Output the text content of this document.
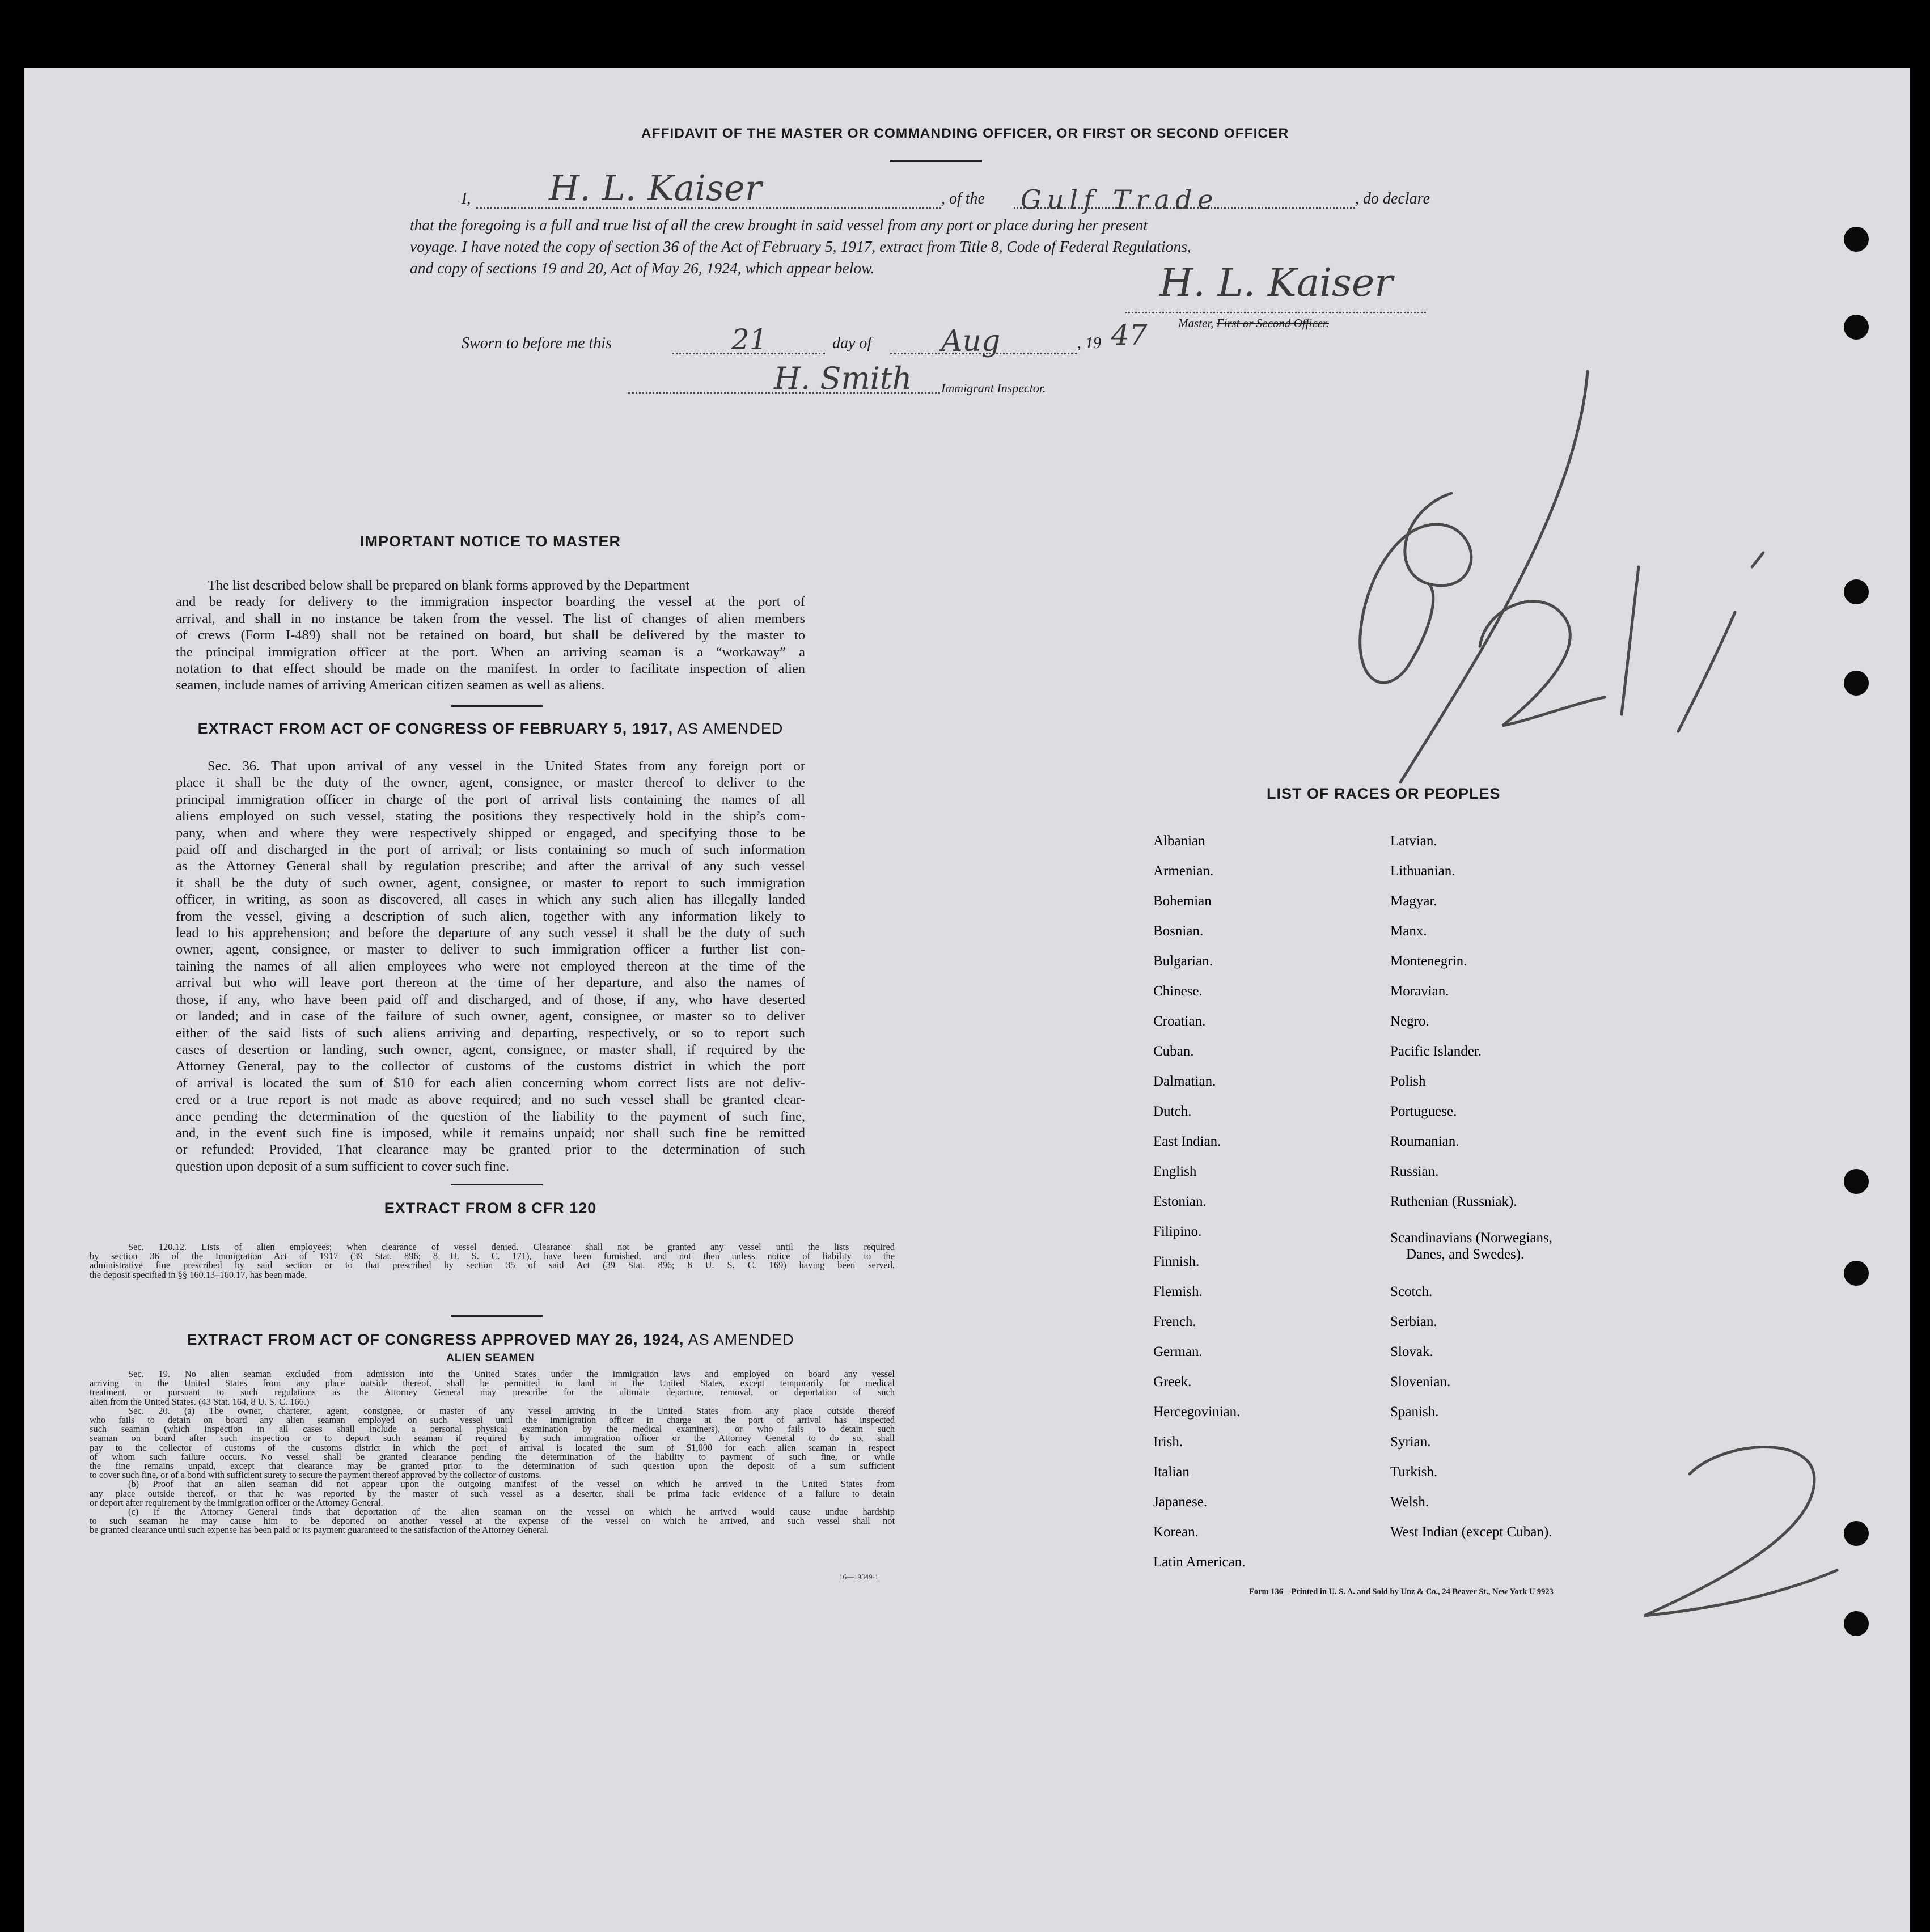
AFFIDAVIT OF THE MASTER OR COMMANDING OFFICER, OR FIRST OR SECOND OFFICER
I, H. L. Kaiser	, of the Gulf Trade	, do declare
that the foregoing is a full and true list of all the crew brought in said vessel from any port or place during her present
voyage. I have noted the copy of section 36 of the Act of February 5, 1917, extract from Title 8, Code of Federal Regulations,
and copy of sections 19 and 20, Act of May 26, 1924, which appear below.	H. L. Kaiser
Master, First or Second Officer.
Sworn to before me this	21	day of Aug	, 19 47
H. Smith Immigrant Inspector.
IMPORTANT NOTICE TO MASTER
The list described below shall be prepared on blank forms approved by the Department
and be ready for delivery to the immigration inspector boarding the vessel at the port of
arrival, and shall in no instance be taken from the vessel. The list of changes of alien members
of crews (Form I-489) shall not be retained on board, but shall be delivered by the master to
the principal immigration officer at the port. When an arriving seaman is a “workaway” a
notation to that effect should be made on the manifest. In order to facilitate inspection of alien
seamen, include names of arriving American citizen seamen as well as aliens.
EXTRACT FROM ACT OF CONGRESS OF FEBRUARY 5, 1917, AS AMENDED
Sec. 36. That upon arrival of any vessel in the United States from any foreign port or
place it shall be the duty of the owner, agent, consignee, or master thereof to deliver to the
principal immigration officer in charge of the port of arrival lists containing the names of all
aliens employed on such vessel, stating the positions they respectively hold in the ship’s com-
pany, when and where they were respectively shipped or engaged, and specifying those to be
paid off and discharged in the port of arrival; or lists containing so much of such information
as the Attorney General shall by regulation prescribe; and after the arrival of any such vessel
it shall be the duty of such owner, agent, consignee, or master to report to such immigration
officer, in writing, as soon as discovered, all cases in which any such alien has illegally landed
from the vessel, giving a description of such alien, together with any information likely to
lead to his apprehension; and before the departure of any such vessel it shall be the duty of such
owner, agent, consignee, or master to deliver to such immigration officer a further list con-
taining the names of all alien employees who were not employed thereon at the time of the
arrival but who will leave port thereon at the time of her departure, and also the names of
those, if any, who have been paid off and discharged, and of those, if any, who have deserted
or landed; and in case of the failure of such owner, agent, consignee, or master so to deliver
either of the said lists of such aliens arriving and departing, respectively, or so to report such
cases of desertion or landing, such owner, agent, consignee, or master shall, if required by the
Attorney General, pay to the collector of customs of the customs district in which the port
of arrival is located the sum of $10 for each alien concerning whom correct lists are not deliv-
ered or a true report is not made as above required; and no such vessel shall be granted clear-
ance pending the determination of the question of the liability to the payment of such fine,
and, in the event such fine is imposed, while it remains unpaid; nor shall such fine be remitted
or refunded: Provided, That clearance may be granted prior to the determination of such
question upon deposit of a sum sufficient to cover such fine.
EXTRACT FROM 8 CFR 120
Sec. 120.12. Lists of alien employees; when clearance of vessel denied. Clearance shall not be granted any vessel until the lists required
by section 36 of the Immigration Act of 1917 (39 Stat. 896; 8 U. S. C. 171), have been furnished, and not then unless notice of liability to the
administrative fine prescribed by said section or to that prescribed by section 35 of said Act (39 Stat. 896; 8 U. S. C. 169) having been served,
the deposit specified in §§ 160.13–160.17, has been made.
EXTRACT FROM ACT OF CONGRESS APPROVED MAY 26, 1924, AS AMENDED
ALIEN SEAMEN
Sec. 19. No alien seaman excluded from admission into the United States under the immigration laws and employed on board any vessel
arriving in the United States from any place outside thereof, shall be permitted to land in the United States, except temporarily for medical
treatment, or pursuant to such regulations as the Attorney General may prescribe for the ultimate departure, removal, or deportation of such
alien from the United States. (43 Stat. 164, 8 U. S. C. 166.)
Sec. 20. (a) The owner, charterer, agent, consignee, or master of any vessel arriving in the United States from any place outside thereof
who fails to detain on board any alien seaman employed on such vessel until the immigration officer in charge at the port of arrival has inspected
such seaman (which inspection in all cases shall include a personal physical examination by the medical examiners), or who fails to detain such
seaman on board after such inspection or to deport such seaman if required by such immigration officer or the Attorney General to do so, shall
pay to the collector of customs of the customs district in which the port of arrival is located the sum of $1,000 for each alien seaman in respect
of whom such failure occurs. No vessel shall be granted clearance pending the determination of the liability to payment of such fine, or while
the fine remains unpaid, except that clearance may be granted prior to the determination of such question upon the deposit of a sum sufficient
to cover such fine, or of a bond with sufficient surety to secure the payment thereof approved by the collector of customs.
(b) Proof that an alien seaman did not appear upon the outgoing manifest of the vessel on which he arrived in the United States from
any place outside thereof, or that he was reported by the master of such vessel as a deserter, shall be prima facie evidence of a failure to detain
or deport after requirement by the immigration officer or the Attorney General.
(c) If the Attorney General finds that deportation of the alien seaman on the vessel on which he arrived would cause undue hardship
to such seaman he may cause him to be deported on another vessel at the expense of the vessel on which he arrived, and such vessel shall not
be granted clearance until such expense has been paid or its payment guaranteed to the satisfaction of the Attorney General.
16—19349-1
LIST OF RACES OR PEOPLES
Albanian
Armenian.
Bohemian
Bosnian.
Bulgarian.
Chinese.
Croatian.
Cuban.
Dalmatian.
Dutch.
East Indian.
English
Estonian.
Filipino.
Finnish.
Flemish.
French.
German.
Greek.
Hercegovinian.
Irish.
Italian
Japanese.
Korean.
Latin American.
Latvian.
Lithuanian.
Magyar.
Manx.
Montenegrin.
Moravian.
Negro.
Pacific Islander.
Polish
Portuguese.
Roumanian.
Russian.
Ruthenian (Russniak).
Scandinavians (Norwegians,
Danes, and Swedes).
Scotch.
Serbian.
Slovak.
Slovenian.
Spanish.
Syrian.
Turkish.
Welsh.
West Indian (except Cuban).
Form 136—Printed in U. S. A. and Sold by Unz & Co., 24 Beaver St., New York U 9923
